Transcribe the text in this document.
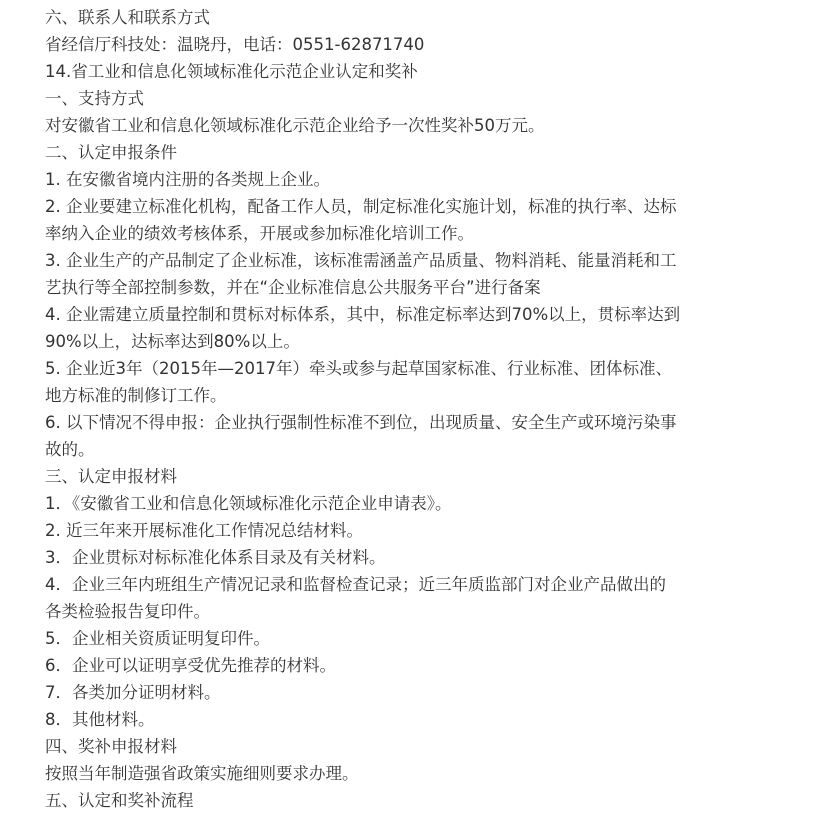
六、联系人和联系方式

省经信厅科技处：温晓丹，电话：0551-62871740

14.省工业和信息化领域标准化示范企业认定和奖补

一、支持方式

对安徽省工业和信息化领域标准化示范企业给予一次性奖补50万元。

二、认定申报条件

1. 在安徽省境内注册的各类规上企业。

2. 企业要建立标准化机构，配备工作人员，制定标准化实施计划，标准的执行率、达标

率纳入企业的绩效考核体系，开展或参加标准化培训工作。

3. 企业生产的产品制定了企业标准，该标准需涵盖产品质量、物料消耗、能量消耗和工

艺执行等全部控制参数，并在“企业标准信息公共服务平台”进行备案

4. 企业需建立质量控制和贯标对标体系，其中，标准定标率达到70%以上，贯标率达到

90%以上，达标率达到80%以上。

5. 企业近3年（2015年—2017年）牵头或参与起草国家标准、行业标准、团体标准、

地方标准的制修订工作。

6. 以下情况不得申报：企业执行强制性标准不到位，出现质量、安全生产或环境污染事

故的。

三、认定申报材料

1．《安徽省工业和信息化领域标准化示范企业申请表》。

2. 近三年来开展标准化工作情况总结材料。

3．企业贯标对标标准化体系目录及有关材料。

4．企业三年内班组生产情况记录和监督检查记录；近三年质监部门对企业产品做出的

各类检验报告复印件。

5．企业相关资质证明复印件。

6．企业可以证明享受优先推荐的材料。

7．各类加分证明材料。

8．其他材料。

四、奖补申报材料

按照当年制造强省政策实施细则要求办理。

五、认定和奖补流程
